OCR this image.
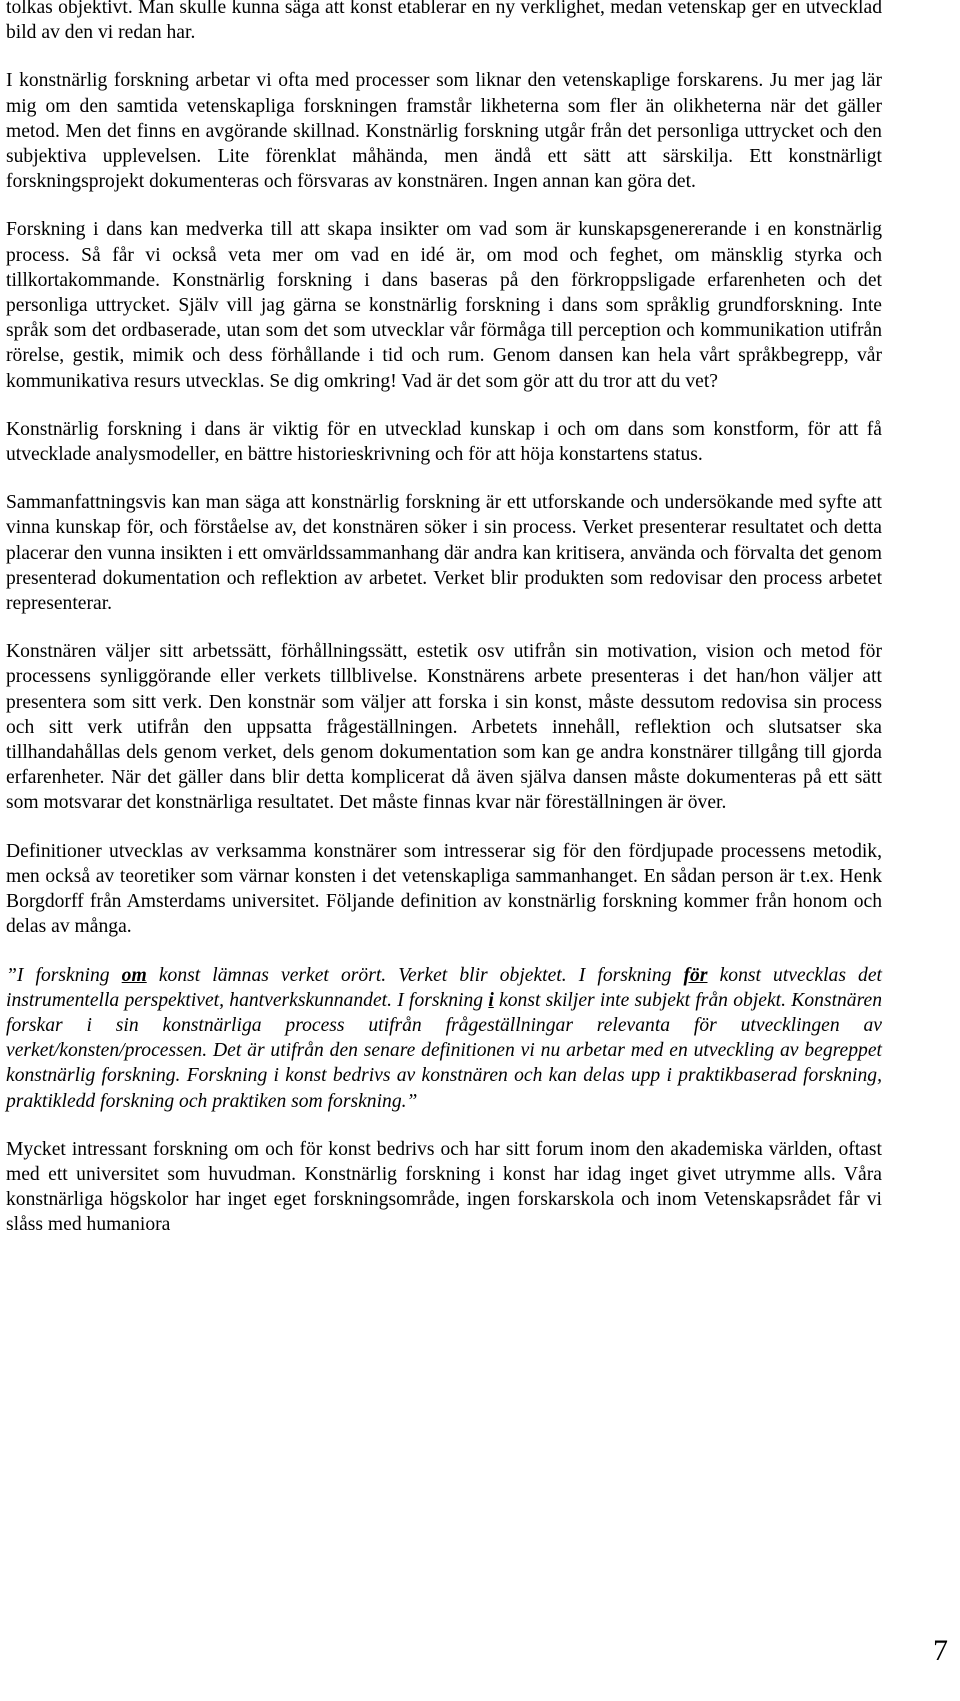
tolkas objektivt. Man skulle kunna säga att konst etablerar en ny verklighet, medan vetenskap ger en utvecklad bild av den vi redan har.

I konstnärlig forskning arbetar vi ofta med processer som liknar den vetenskaplige forskarens. Ju mer jag lär mig om den samtida vetenskapliga forskningen framstår likheterna som fler än olikheterna när det gäller metod. Men det finns en avgörande skillnad. Konstnärlig forskning utgår från det personliga uttrycket och den subjektiva upplevelsen. Lite förenklat måhända, men ändå ett sätt att särskilja. Ett konstnärligt forskningsprojekt dokumenteras och försvaras av konstnären. Ingen annan kan göra det.

Forskning i dans kan medverka till att skapa insikter om vad som är kunskapsgenererande i en konstnärlig process. Så får vi också veta mer om vad en idé är, om mod och feghet, om mänsklig styrka och tillkortakommande. Konstnärlig forskning i dans baseras på den förkroppsligade erfarenheten och det personliga uttrycket. Själv vill jag gärna se konstnärlig forskning i dans som språklig grundforskning. Inte språk som det ordbaserade, utan som det som utvecklar vår förmåga till perception och kommunikation utifrån rörelse, gestik, mimik och dess förhållande i tid och rum. Genom dansen kan hela vårt språkbegrepp, vår kommunikativa resurs utvecklas. Se dig omkring! Vad är det som gör att du tror att du vet?

Konstnärlig forskning i dans är viktig för en utvecklad kunskap i och om dans som konstform, för att få utvecklade analysmodeller, en bättre historieskrivning och för att höja konstartens status.

Sammanfattningsvis kan man säga att konstnärlig forskning är ett utforskande och undersökande med syfte att vinna kunskap för, och förståelse av, det konstnären söker i sin process. Verket presenterar resultatet och detta placerar den vunna insikten i ett omvärldssammanhang där andra kan kritisera, använda och förvalta det genom presenterad dokumentation och reflektion av arbetet. Verket blir produkten som redovisar den process arbetet representerar.

Konstnären väljer sitt arbetssätt, förhållningssätt, estetik osv utifrån sin motivation, vision och metod för processens synliggörande eller verkets tillblivelse. Konstnärens arbete presenteras i det han/hon väljer att presentera som sitt verk. Den konstnär som väljer att forska i sin konst, måste dessutom redovisa sin process och sitt verk utifrån den uppsatta frågeställningen. Arbetets innehåll, reflektion och slutsatser ska tillhandahållas dels genom verket, dels genom dokumentation som kan ge andra konstnärer tillgång till gjorda erfarenheter. När det gäller dans blir detta komplicerat då även själva dansen måste dokumenteras på ett sätt som motsvarar det konstnärliga resultatet. Det måste finnas kvar när föreställningen är över.

Definitioner utvecklas av verksamma konstnärer som intresserar sig för den fördjupade processens metodik, men också av teoretiker som värnar konsten i det vetenskapliga sammanhanget. En sådan person är t.ex. Henk Borgdorff från Amsterdams universitet. Följande definition av konstnärlig forskning kommer från honom och delas av många.

”I forskning om konst lämnas verket orört. Verket blir objektet. I forskning för konst utvecklas det instrumentella perspektivet, hantverkskunnandet. I forskning i konst skiljer inte subjekt från objekt. Konstnären forskar i sin konstnärliga process utifrån frågeställningar relevanta för utvecklingen av verket/konsten/processen. Det är utifrån den senare definitionen vi nu arbetar med en utveckling av begreppet konstnärlig forskning. Forskning i konst bedrivs av konstnären och kan delas upp i praktikbaserad forskning, praktikledd forskning och praktiken som forskning.”

Mycket intressant forskning om och för konst bedrivs och har sitt forum inom den akademiska världen, oftast med ett universitet som huvudman. Konstnärlig forskning i konst har idag inget givet utrymme alls. Våra konstnärliga högskolor har inget eget forskningsområde, ingen forskarskola och inom Vetenskapsrådet får vi slåss med humaniora

7
